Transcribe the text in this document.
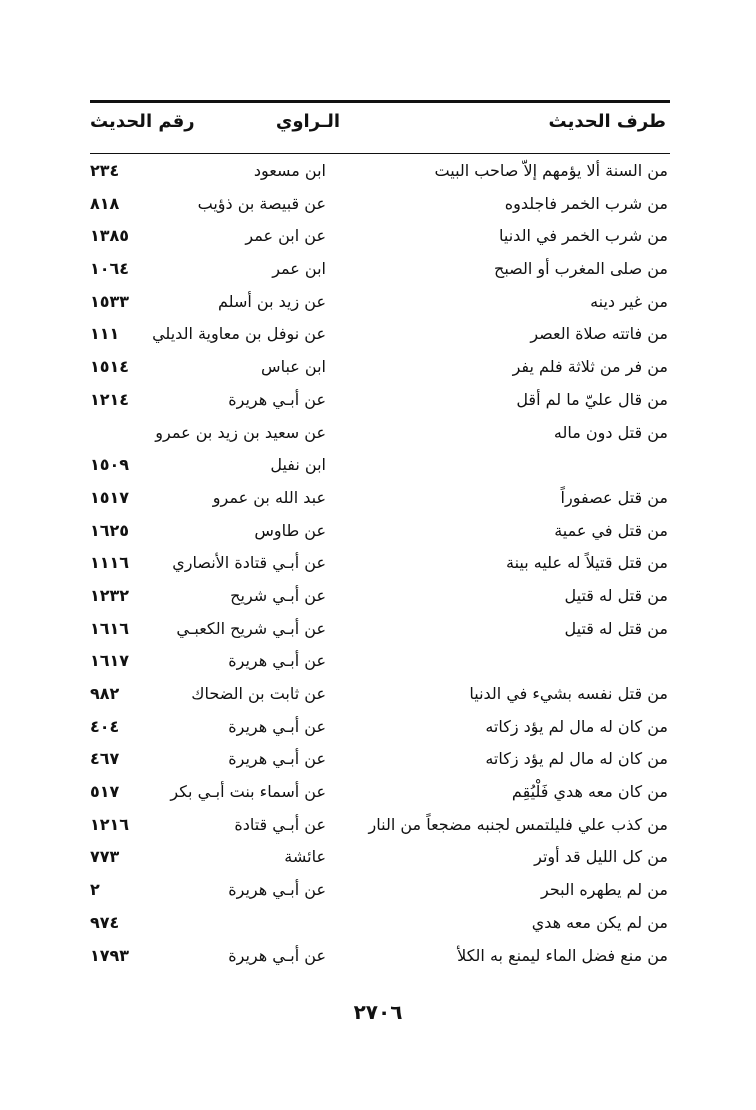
طرف الحديث
الـراوي
رقم الحديث
من السنة ألا يؤمهم إلاّ صاحب البيت
ابن مسعود
٢٣٤
من شرب الخمر فاجلدوه
عن قبيصة بن ذؤيب
٨١٨
من شرب الخمر في الدنيا
عن ابن عمر
١٣٨٥
من صلى المغرب أو الصبح
ابن عمر
١٠٦٤
من غير دينه
عن زيد بن أسلم
١٥٣٣
من فاتته صلاة العصر
عن نوفل بن معاوية الديلي
١١١
من فر من ثلاثة فلم يفر
ابن عباس
١٥١٤
من قال عليّ ما لم أقل
عن أبـي هريرة
١٢١٤
من قتل دون ماله
عن سعيد بن زيد بن عمرو
ابن نفيل
١٥٠٩
من قتل عصفوراً
عبد الله بن عمرو
١٥١٧
من قتل في عمية
عن طاوس
١٦٢٥
من قتل قتيلاً له عليه بينة
عن أبـي قتادة الأنصاري
١١١٦
من قتل له قتيل
عن أبـي شريح
١٢٣٢
من قتل له قتيل
عن أبـي شريح الكعبـي
١٦١٦
عن أبـي هريرة
١٦١٧
من قتل نفسه بشيء في الدنيا
عن ثابت بن الضحاك
٩٨٢
من كان له مال لم يؤد زكاته
عن أبـي هريرة
٤٠٤
من كان له مال لم يؤد زكاته
عن أبـي هريرة
٤٦٧
من كان معه هدي فَلْيُقِم
عن أسماء بنت أبـي بكر
٥١٧
من كذب علي فليلتمس لجنبه مضجعاً من النار
عن أبـي قتادة
١٢١٦
من كل الليل قد أوتر
عائشة
٧٧٣
من لم يطهره البحر
عن أبـي هريرة
٢
من لم يكن معه هدي
٩٧٤
من منع فضل الماء ليمنع به الكلأ
عن أبـي هريرة
١٧٩٣
٢٧٠٦
